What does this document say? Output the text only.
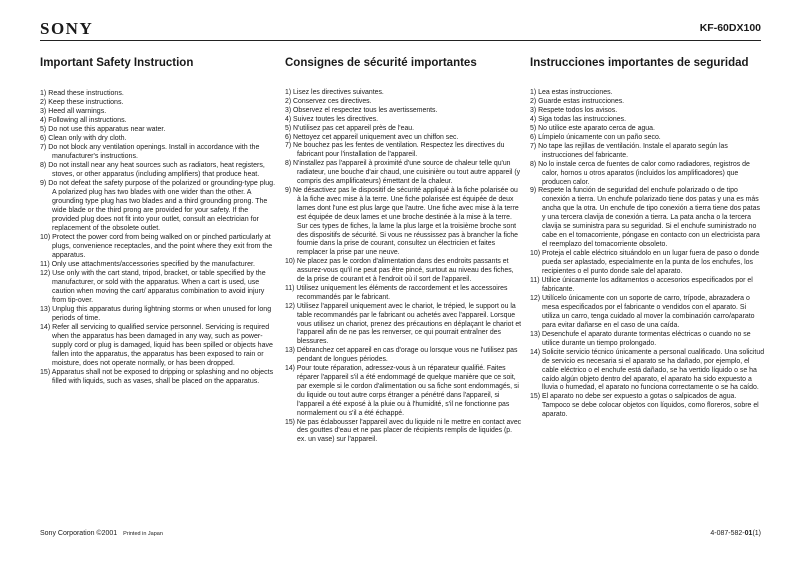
SONY	KF-60DX100
Important Safety Instruction
1) Read these instructions.
2) Keep these instructions.
3) Heed all warnings.
4) Following all instructions.
5) Do not use this apparatus near water.
6) Clean only with dry cloth.
7) Do not block any ventilation openings. Install in accordance with the manufacturer's instructions.
8) Do not install near any heat sources such as radiators, heat registers, stoves, or other apparatus (including amplifiers) that produce heat.
9) Do not defeat the safety purpose of the polarized or grounding-type plug. A polarized plug has two blades with one wider than the other. A grounding type plug has two blades and a third grounding prong. The wide blade or the third prong are provided for your safety. If the provided plug does not fit into your outlet, consult an electrician for replacement of the obsolete outlet.
10) Protect the power cord from being walked on or pinched particularly at plugs, convenience receptacles, and the point where they exit from the apparatus.
11) Only use attachments/accessories specified by the manufacturer.
12) Use only with the cart stand, tripod, bracket, or table specified by the manufacturer, or sold with the apparatus. When a cart is used, use caution when moving the cart/ apparatus combination to avoid injury from tip-over.
13) Unplug this apparatus during lightning storms or when unused for long periods of time.
14) Refer all servicing to qualified service personnel. Servicing is required when the apparatus has been damaged in any way, such as power-supply cord or plug is damaged, liquid has been spilled or objects have fallen into the apparatus, the apparatus has been exposed to rain or moisture, does not operate normally, or has been dropped.
15) Apparatus shall not be exposed to dripping or splashing and no objects filled with liquids, such as vases, shall be placed on the apparatus.
Consignes de sécurité importantes
1) Lisez les directives suivantes.
2) Conservez ces directives.
3) Observez el respectez tous les avertissements.
4) Suivez toutes les directives.
5) N'utilisez pas cet appareil près de l'eau.
6) Nettoyez cet appareil uniquement avec un chiffon sec.
7) Ne bouchez pas les fentes de ventilation. Respectez les directives du fabricant pour l'installation de l'appareil.
8) N'installez pas l'appareil à proximité d'une source de chaleur telle qu'un radiateur, une bouche d'air chaud, une cuisinière ou tout autre appareil (y compris des amplificateurs) émettant de la chaleur.
9) Ne désactivez pas le dispositif de sécurité appliqué à la fiche polarisée ou à la fiche avec mise à la terre. Une fiche polarisée est équipée de deux lames dont l'une est plus large que l'autre. Une fiche avec mise à la terre est équipée de deux lames et une broche destinée à la mise à la terre. Sur ces types de fiches, la lame la plus large et la troisième broche sont des dispositifs de sécurité. Si vous ne réussissez pas à brancher la fiche fournie dans la prise de courant, consultez un électricien et faites remplacer la prise par une neuve.
10) Ne placez pas le cordon d'alimentation dans des endroits passants et assurez-vous qu'il ne peut pas être pincé, surtout au niveau des fiches, de la prise de courant et à l'endroit où il sort de l'appareil.
11) Utilisez uniquement les éléments de raccordement et les accessoires recommandés par le fabricant.
12) Utilisez l'appareil uniquement avec le chariot, le trépied, le support ou la table recommandés par le fabricant ou achetés avec l'appareil. Lorsque vous utilisez un chariot, prenez des précautions en déplaçant le chariot et l'appareil afin de ne pas les renverser, ce qui pourrait entraîner des blessures.
13) Débranchez cet appareil en cas d'orage ou lorsque vous ne l'utilisez pas pendant de longues périodes.
14) Pour toute réparation, adressez-vous à un réparateur qualifié. Faites réparer l'appareil s'il a été endommagé de quelque manière que ce soit, par exemple si le cordon d'alimentation ou sa fiche sont endommagés, si du liquide ou tout autre corps étranger a pénétré dans l'appareil, si l'appareil a été exposé à la pluie ou à l'humidité, s'il ne fonctionne pas normalement ou s'il a été échappé.
15) Ne pas éclabousser l'appareil avec du liquide ni le mettre en contact avec des gouttes d'eau et ne pas placer de récipients remplis de liquides (p. ex. un vase) sur l'appareil.
Instrucciones importantes de seguridad
1) Lea estas instrucciones.
2) Guarde estas instrucciones.
3) Respete todos los avisos.
4) Siga todas las instrucciones.
5) No utilice este aparato cerca de agua.
6) Límpielo únicamente con un paño seco.
7) No tape las rejillas de ventilación. Instale el aparato según las instrucciones del fabricante.
8) No lo instale cerca de fuentes de calor como radiadores, registros de calor, hornos u otros aparatos (incluidos los amplificadores) que producen calor.
9) Respete la función de seguridad del enchufe polarizado o de tipo conexión a tierra. Un enchufe polarizado tiene dos patas y una es más ancha que la otra. Un enchufe de tipo conexión a tierra tiene dos patas y una tercera clavija de conexión a tierra. La pata ancha o la tercera clavija se suministra para su seguridad. Si el enchufe suministrado no cabe en el tomacorriente, póngase en contacto con un electricista para el reemplazo del tomacorriente obsoleto.
10) Proteja el cable eléctrico situándolo en un lugar fuera de paso o donde pueda ser aplastado, especialmente en la punta de los enchufes, los recipientes o el punto donde sale del aparato.
11) Utilice únicamente los aditamentos o accesorios especificados por el fabricante.
12) Utilícelo únicamente con un soporte de carro, trípode, abrazadera o mesa especificados por el fabricante o vendidos con el aparato. Si utiliza un carro, tenga cuidado al mover la combinación carro/aparato para evitar dañarse en el caso de una caída.
13) Desenchufe el aparato durante tormentas eléctricas o cuando no se utilice durante un tiempo prolongado.
14) Solicite servicio técnico únicamente a personal cualificado. Una solicitud de servicio es necesaria si el aparato se ha dañado, por ejemplo, el cable eléctrico o el enchufe está dañado, se ha vertido líquido o se ha caído algún objeto dentro del aparato, el aparato ha sido expuesto a lluvia o humedad, el aparato no funciona correctamente o se ha caído.
15) El aparato no debe ser expuesto a gotas o salpicados de agua. Tampoco se debe colocar objetos con líquidos, como floreros, sobre el aparato.
Sony Corporation ©2001 Printed in Japan	4-087-582-01(1)
